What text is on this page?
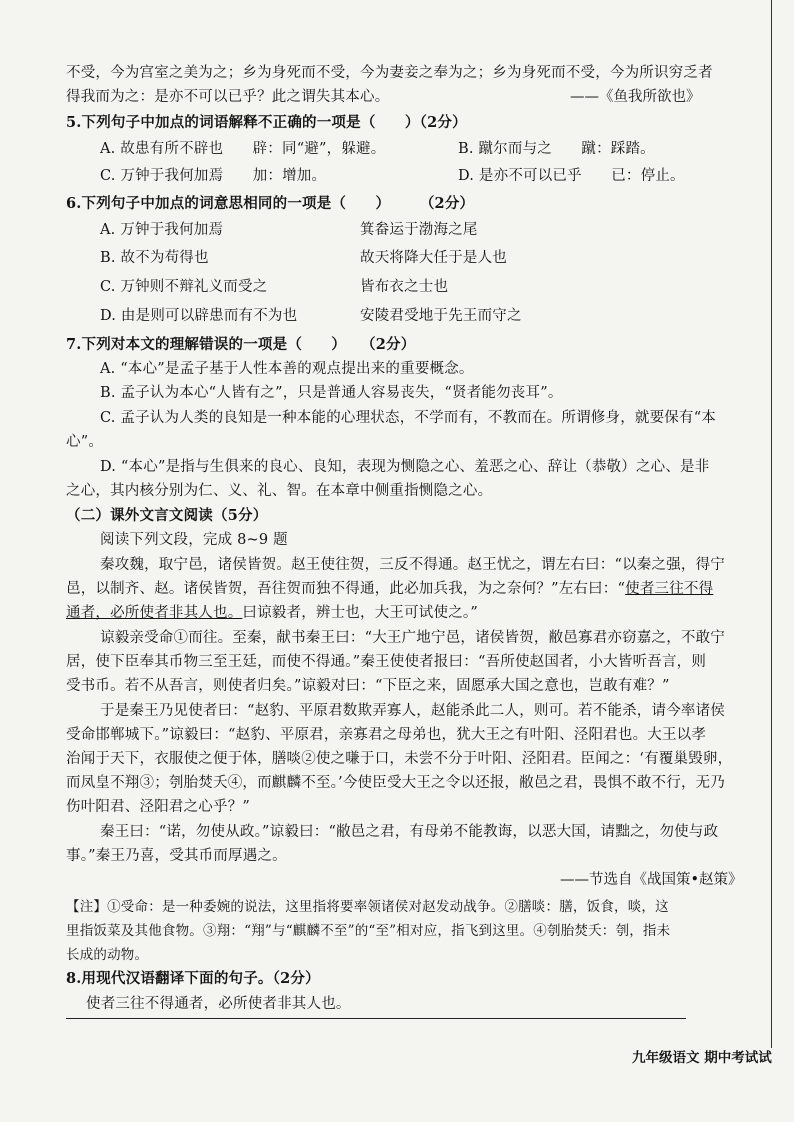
不受，今为宫室之美为之；乡为身死而不受，今为妻妾之奉为之；乡为身死而不受，今为所识穷乏者
得我而为之：是亦不可以已乎？此之谓失其本心。	——《鱼我所欲也》
5.下列句子中加点的词语解释不正确的一项是（　　）（2分）
A. 故患有所不辟也　　辟：同“避”，躲避。	B. 蹴尔而与之　　蹴：踩踏。
C. 万钟于我何加焉　　加：增加。	D. 是亦不可以已乎　　已：停止。
6.下列句子中加点的词意思相同的一项是（　　）　　　（2分）
A. 万钟于我何加焉	箕畚运于渤海之尾
B. 故不为苟得也	故天将降大任于是人也
C. 万钟则不辩礼义而受之	皆布衣之士也
D. 由是则可以辟患而有不为也	安陵君受地于先王而守之
7.下列对本文的理解错误的一项是（　　）　　（2分）
A. “本心”是孟子基于人性本善的观点提出来的重要概念。
B. 孟子认为本心“人皆有之”，只是普通人容易丧失，“贤者能勿丧耳”。
C. 孟子认为人类的良知是一种本能的心理状态，不学而有，不教而在。所谓修身，就要保有“本
心”。
D. “本心”是指与生俱来的良心、良知，表现为恻隐之心、羞恶之心、辞让（恭敬）之心、是非
之心，其内核分别为仁、义、礼、智。在本章中侧重指恻隐之心。
（二）课外文言文阅读（5分）
阅读下列文段，完成 8~9 题
秦攻魏，取宁邑，诸侯皆贺。赵王使往贺，三反不得通。赵王忧之，谓左右曰：“以秦之强，得宁
邑，以制齐、赵。诸侯皆贺，吾往贺而独不得通，此必加兵我，为之奈何？”左右曰：“使者三往不得
通者，必所使者非其人也。曰谅毅者，辨士也，大王可试使之。”
谅毅亲受命①而往。至秦，献书秦王曰：“大王广地宁邑，诸侯皆贺，敝邑寡君亦窃嘉之，不敢宁
居，使下臣奉其币物三至王廷，而使不得通。”秦王使使者报曰：“吾所使赵国者，小大皆听吾言，则
受书币。若不从吾言，则使者归矣。”谅毅对曰：“下臣之来，固愿承大国之意也，岂敢有难？”
于是秦王乃见使者曰：“赵豹、平原君数欺弄寡人，赵能杀此二人，则可。若不能杀，请今率诸侯
受命邯郸城下。”谅毅曰：“赵豹、平原君，亲寡君之母弟也，犹大王之有叶阳、泾阳君也。大王以孝
治闻于天下，衣服使之便于体，膳啖②使之嗛于口，未尝不分于叶阳、泾阳君。臣闻之：‘有覆巢毁卵，
而凤皇不翔③；刳胎焚夭④，而麒麟不至。’今使臣受大王之令以还报，敝邑之君，畏惧不敢不行，无乃
伤叶阳君、泾阳君之心乎？”
秦王曰：“诺，勿使从政。”谅毅曰：“敝邑之君，有母弟不能教诲，以恶大国，请黜之，勿使与政
事。”秦王乃喜，受其币而厚遇之。
——节选自《战国策•赵策》
【注】①受命：是一种委婉的说法，这里指将要率领诸侯对赵发动战争。②膳啖：膳，饭食，啖，这
里指饭菜及其他食物。③翔：“翔”与“麒麟不至”的“至”相对应，指飞到这里。④刳胎焚夭：刳，指未
长成的动物。
8.用现代汉语翻译下面的句子。（2分）
使者三往不得通者，必所使者非其人也。
九年级语文 期中考试试
